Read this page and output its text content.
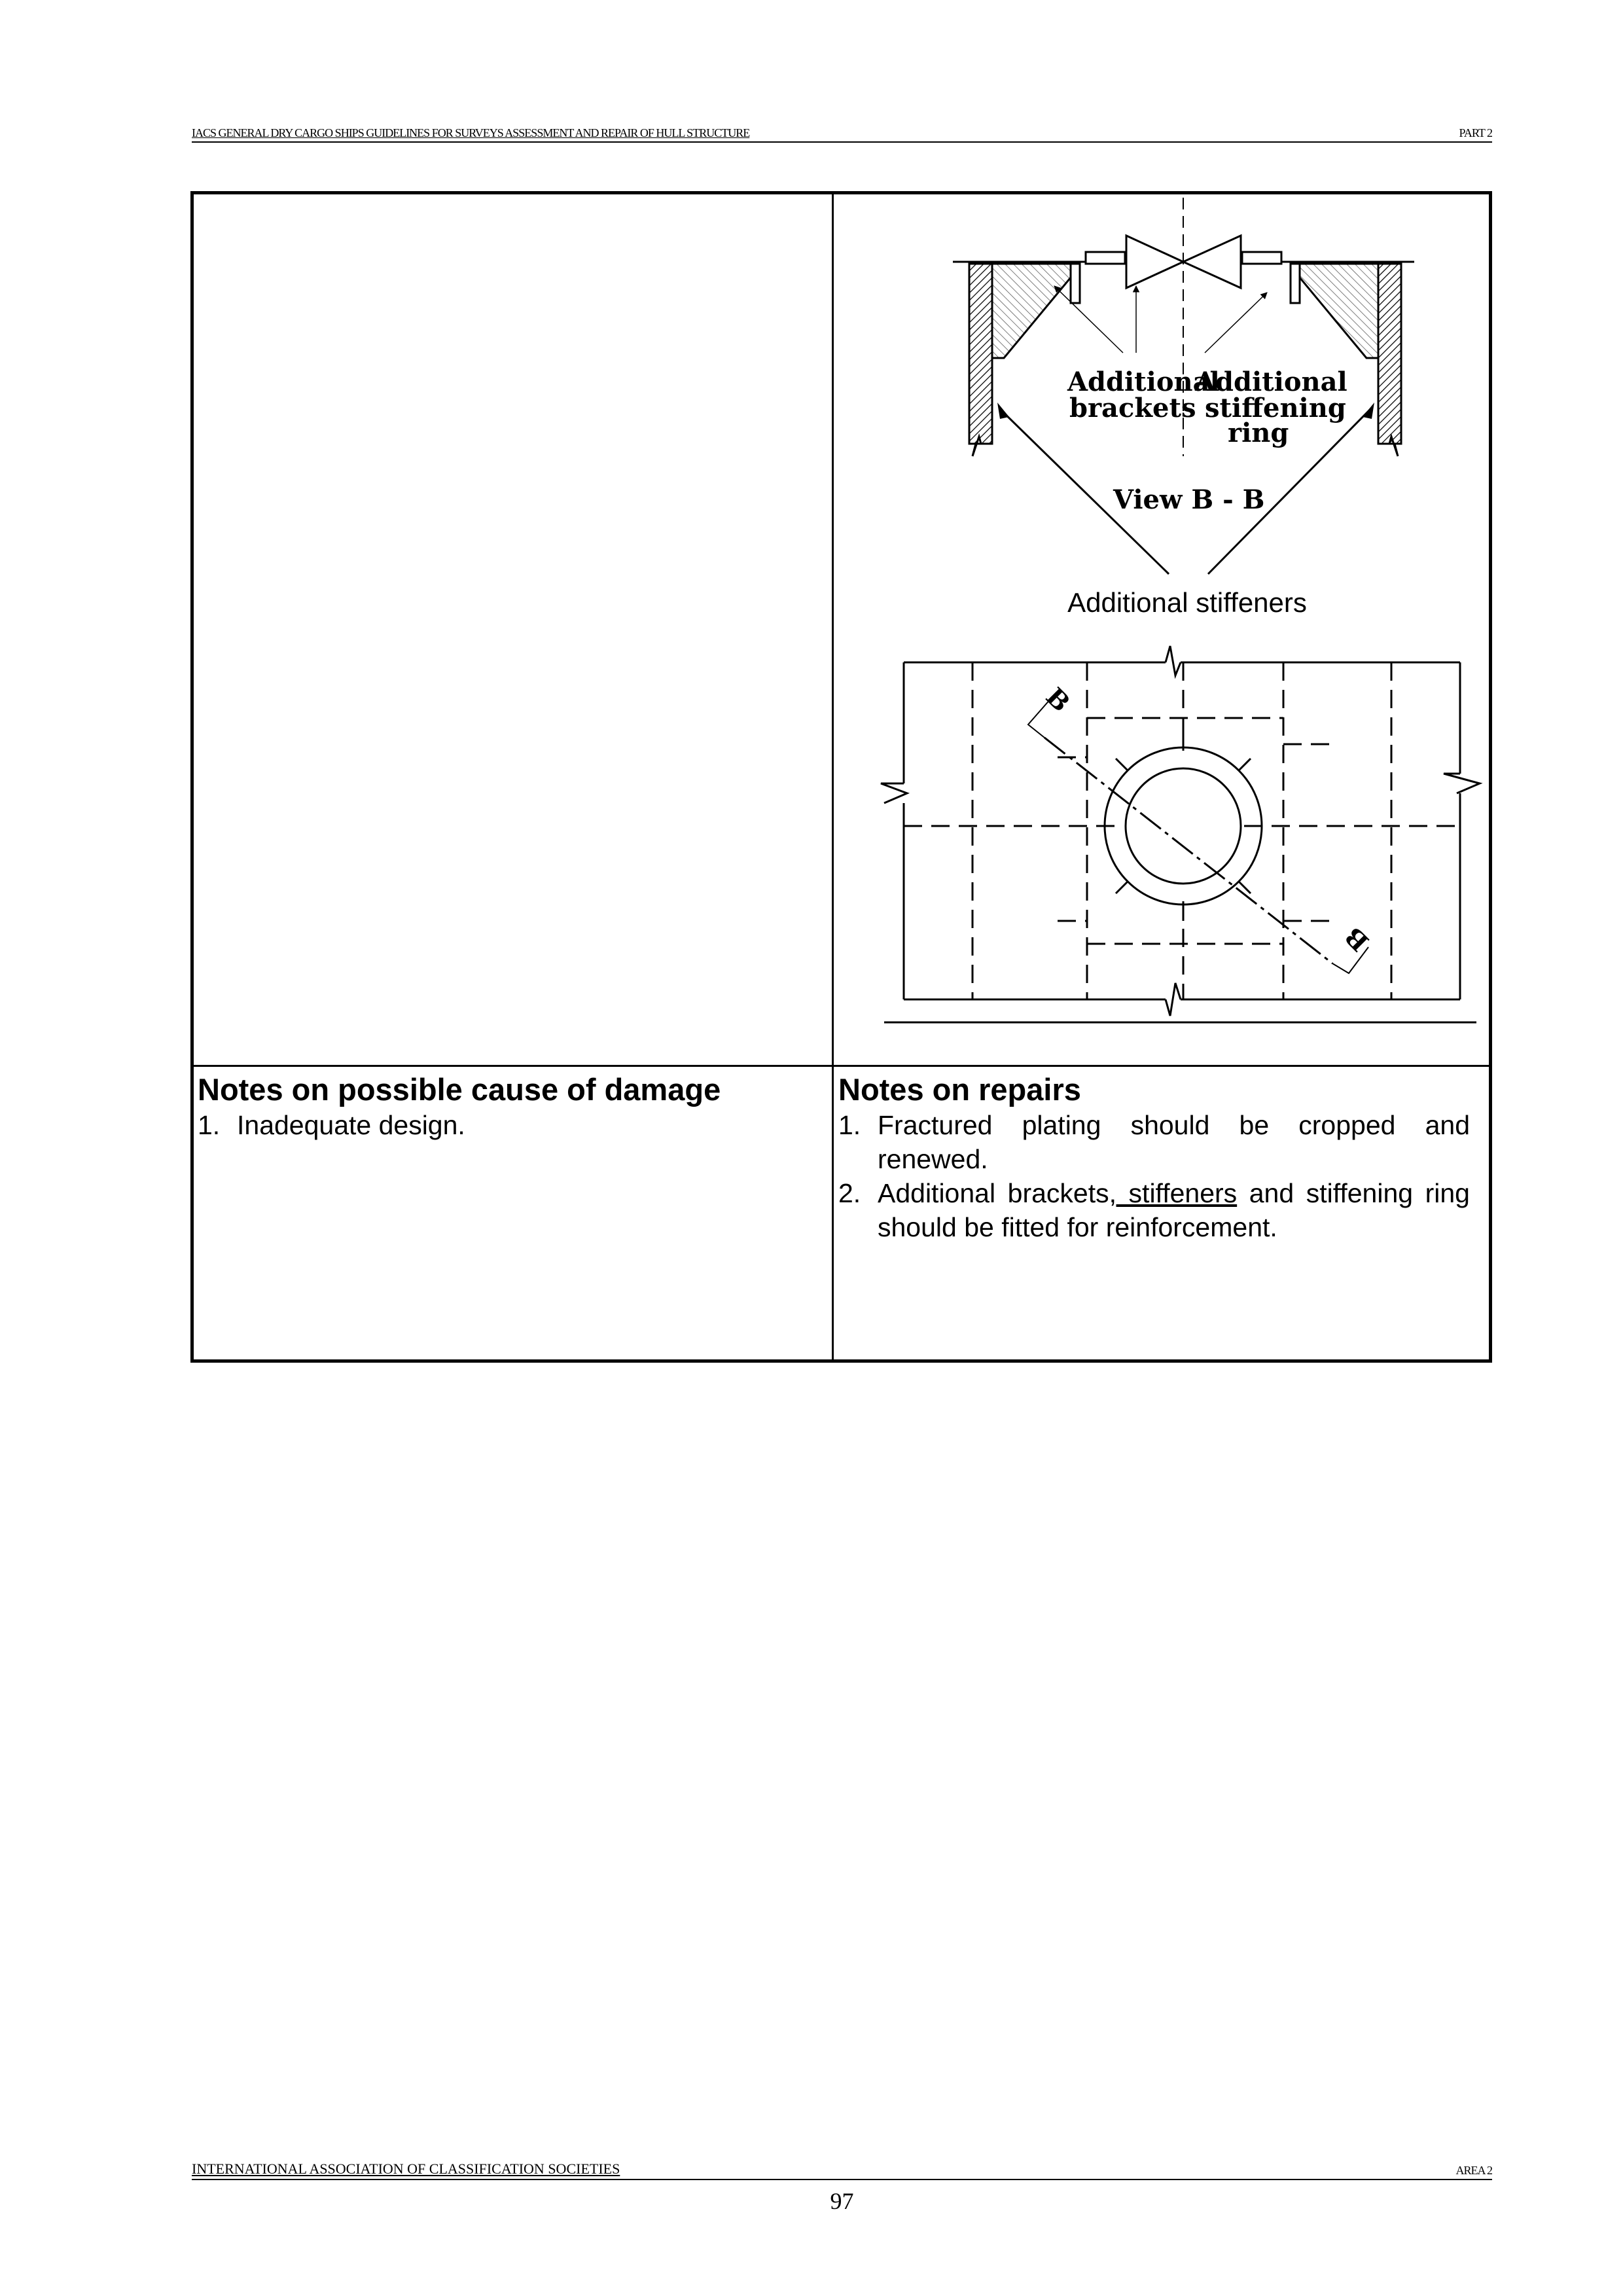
IACS GENERAL DRY CARGO SHIPS GUIDELINES FOR SURVEYS ASSESSMENT AND REPAIR OF HULL STRUCTURE	PART 2
Additional
brackets
Additional
stiffening
ring
View B - B
Additional stiffeners
B
B
Notes on possible cause of damage
1. Inadequate design.
Notes on repairs
1. Fractured plating should be cropped and renewed.
2. Additional brackets, stiffeners and stiffening ring should be fitted for reinforcement.
INTERNATIONAL ASSOCIATION OF CLASSIFICATION SOCIETIES	AREA 2
97
